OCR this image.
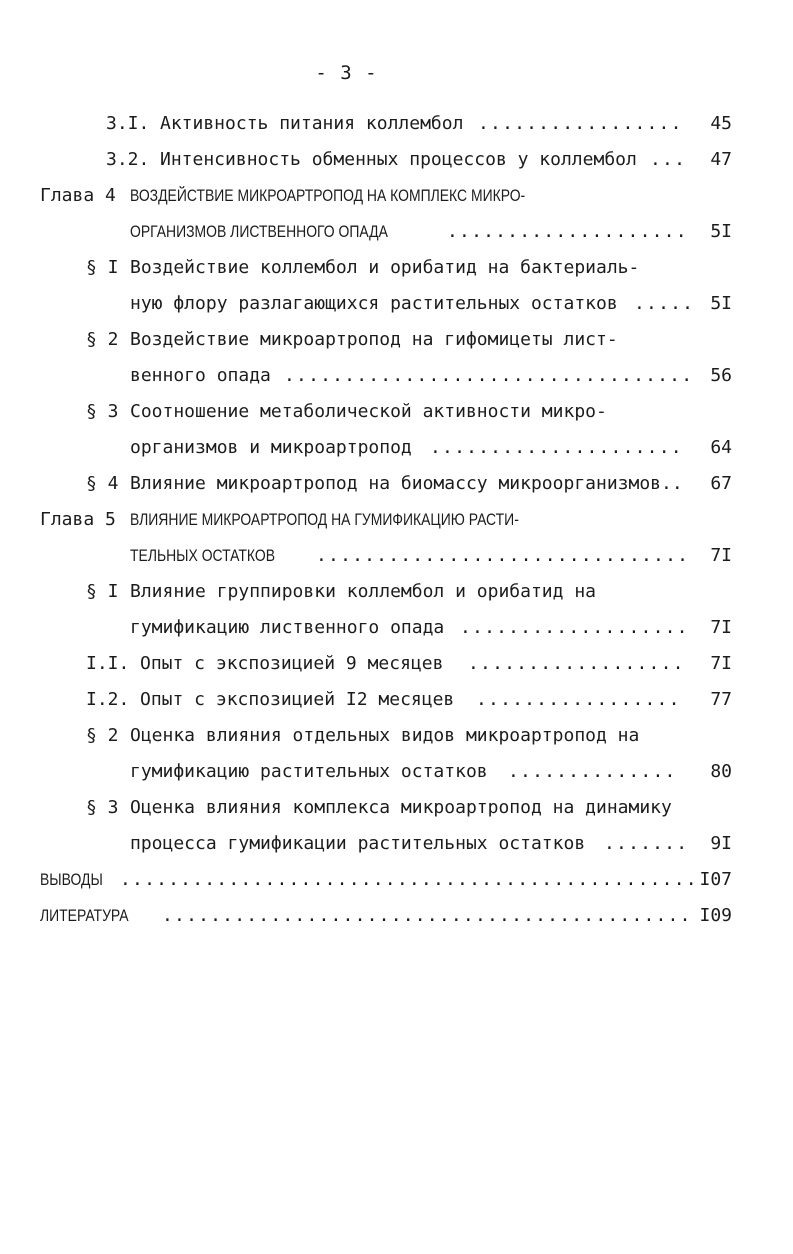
- 3 -
3.I. Активность питания коллембол ................. 45
3.2. Интенсивность обменных процессов у коллембол ... 47
Глава 4 ВОЗДЕЙСТВИЕ МИКРОАРТРОПОД НА КОМПЛЕКС МИКРО-
ОРГАНИЗМОВ ЛИСТВЕННОГО ОПАДА	.................... 5I
§ I Воздействие коллембол и орибатид на бактериаль-
ную флору разлагающихся растительных остатков ..... 5I
§ 2 Воздействие микроартропод на гифомицеты лист-
венного опада .................................. 56
§ 3 Соотношение метаболической активности микро-
организмов и микроартропод ..................... 64
§ 4 Влияние микроартропод на биомассу микроорганизмов.. 67
Глава 5 ВЛИЯНИЕ МИКРОАРТРОПОД НА ГУМИФИКАЦИЮ РАСТИ-
ТЕЛЬНЫХ ОСТАТКОВ ............................... 7I
§ I Влияние группировки коллембол и орибатид на
гумификацию лиственного опада ................... 7I
I.I. Опыт с экспозицией 9 месяцев .................. 7I
I.2. Опыт с экспозицией I2 месяцев ................. 77
§ 2 Оценка влияния отдельных видов микроартропод на
гумификацию растительных остатков .............. 80
§ 3 Оценка влияния комплекса микроартропод на динамику
процесса гумификации растительных остатков ....... 9I
ВЫВОДЫ ................................................ I07
ЛИТЕРАТУРА ............................................ I09
